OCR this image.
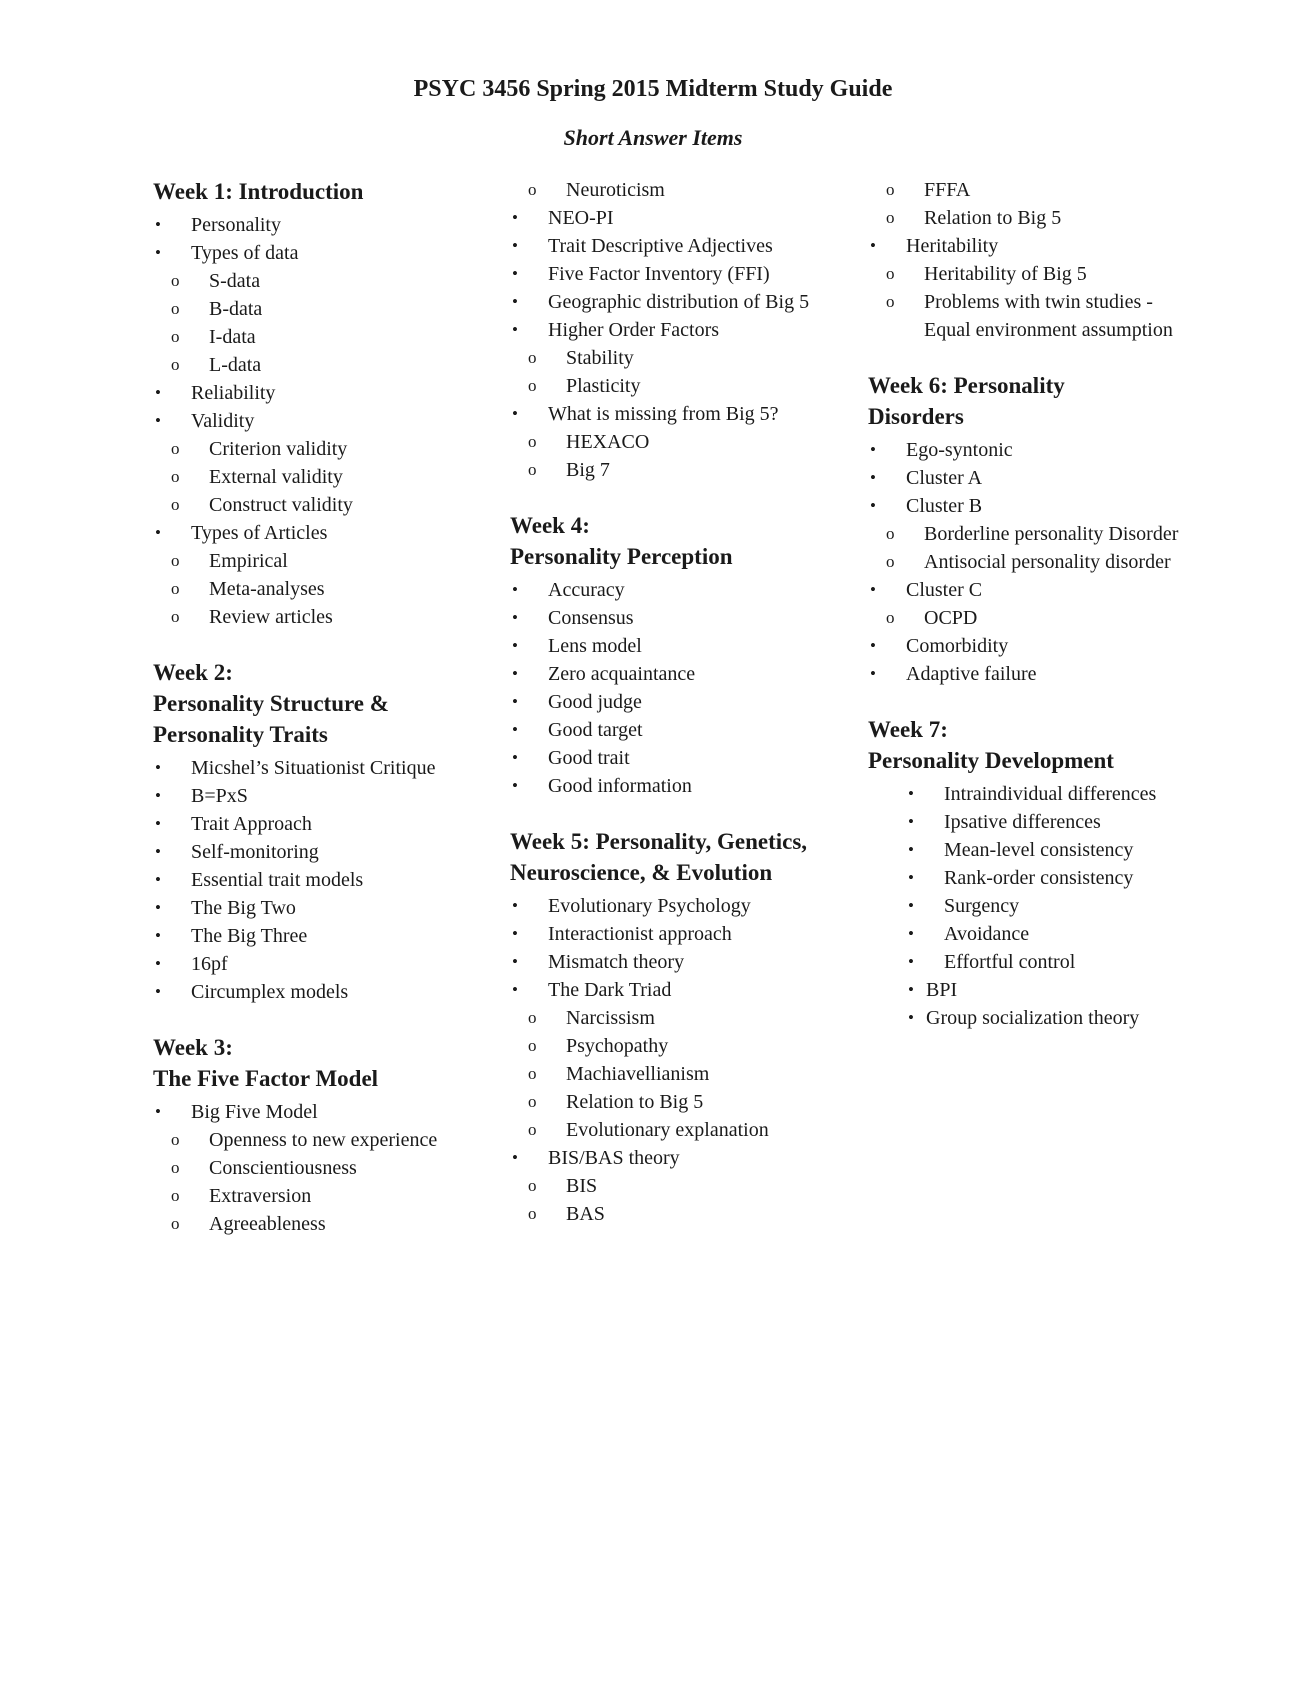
PSYC 3456 Spring 2015 Midterm Study Guide
Short Answer Items
Week 1: Introduction
• Personality
• Types of data
o S-data
o B-data
o I-data
o L-data
• Reliability
• Validity
o Criterion validity
o External validity
o Construct validity
• Types of Articles
o Empirical
o Meta-analyses
o Review articles
Week 2:
Personality Structure &
Personality Traits
• Micshel’s Situationist Critique
• B=PxS
• Trait Approach
• Self-monitoring
• Essential trait models
• The Big Two
• The Big Three
• 16pf
• Circumplex models
Week 3:
The Five Factor Model
• Big Five Model
o Openness to new experience
o Conscientiousness
o Extraversion
o Agreeableness
o Neuroticism
• NEO-PI
• Trait Descriptive Adjectives
• Five Factor Inventory (FFI)
• Geographic distribution of Big 5
• Higher Order Factors
o Stability
o Plasticity
• What is missing from Big 5?
o HEXACO
o Big 7
Week 4:
Personality Perception
• Accuracy
• Consensus
• Lens model
• Zero acquaintance
• Good judge
• Good target
• Good trait
• Good information
Week 5: Personality, Genetics,
Neuroscience, & Evolution
• Evolutionary Psychology
• Interactionist approach
• Mismatch theory
• The Dark Triad
o Narcissism
o Psychopathy
o Machiavellianism
o Relation to Big 5
o Evolutionary explanation
• BIS/BAS theory
o BIS
o BAS
o FFFA
o Relation to Big 5
• Heritability
o Heritability of Big 5
o Problems with twin studies - Equal environment assumption
Week 6: Personality
Disorders
• Ego-syntonic
• Cluster A
• Cluster B
o Borderline personality Disorder
o Antisocial personality disorder
• Cluster C
o OCPD
• Comorbidity
• Adaptive failure
Week 7:
Personality Development
• Intraindividual differences
• Ipsative differences
• Mean-level consistency
• Rank-order consistency
• Surgency
• Avoidance
• Effortful control
• BPI
• Group socialization theory
